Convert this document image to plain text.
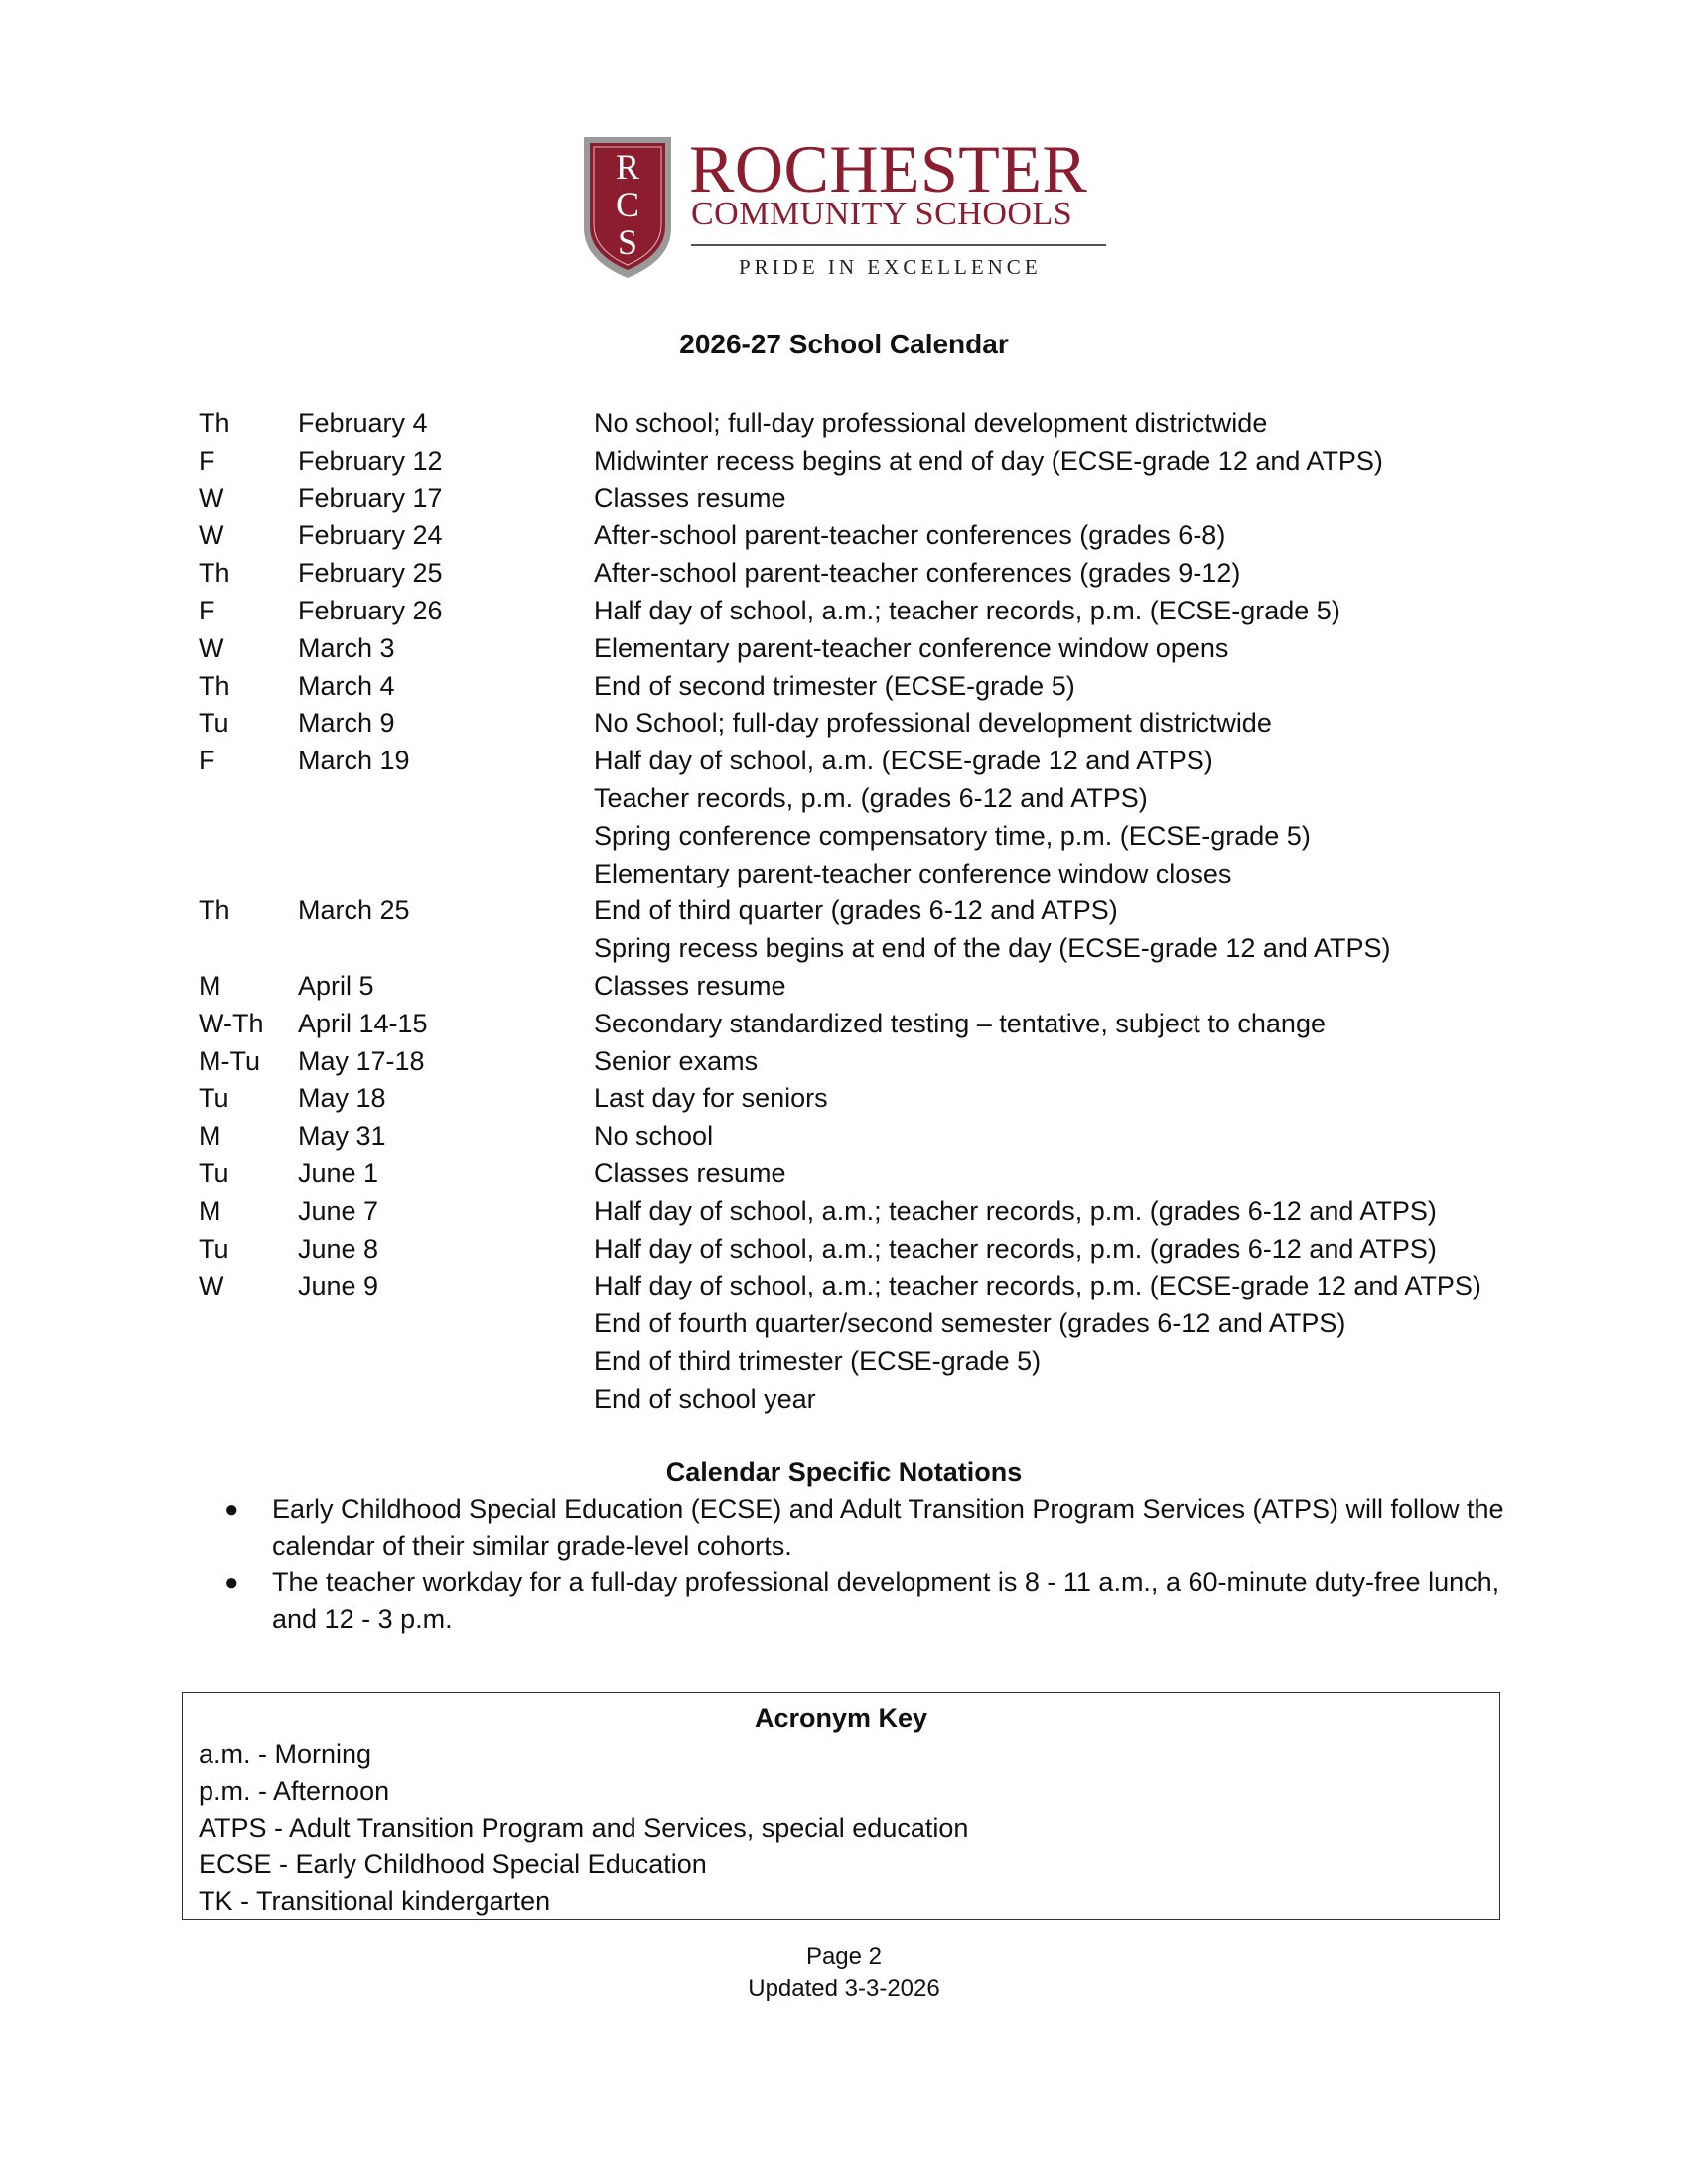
R
C
S
ROCHESTER
COMMUNITY SCHOOLS
PRIDE IN EXCELLENCE
2026-27 School Calendar
Th	February 4	No school; full-day professional development districtwide
F	February 12	Midwinter recess begins at end of day (ECSE-grade 12 and ATPS)
W	February 17	Classes resume
W	February 24	After-school parent-teacher conferences (grades 6-8)
Th	February 25	After-school parent-teacher conferences (grades 9-12)
F	February 26	Half day of school, a.m.; teacher records, p.m. (ECSE-grade 5)
W	March 3	Elementary parent-teacher conference window opens
Th	March 4	End of second trimester (ECSE-grade 5)
Tu	March 9	No School; full-day professional development districtwide
F	March 19	Half day of school, a.m. (ECSE-grade 12 and ATPS)
Teacher records, p.m. (grades 6-12 and ATPS)
Spring conference compensatory time, p.m. (ECSE-grade 5)
Elementary parent-teacher conference window closes
Th	March 25	End of third quarter (grades 6-12 and ATPS)
Spring recess begins at end of the day (ECSE-grade 12 and ATPS)
M	April 5	Classes resume
W-Th April 14-15	Secondary standardized testing – tentative, subject to change
M-Tu May 17-18	Senior exams
Tu	May 18	Last day for seniors
M	May 31	No school
Tu	June 1	Classes resume
M	June 7	Half day of school, a.m.; teacher records, p.m. (grades 6-12 and ATPS)
Tu	June 8	Half day of school, a.m.; teacher records, p.m. (grades 6-12 and ATPS)
W	June 9	Half day of school, a.m.; teacher records, p.m. (ECSE-grade 12 and ATPS)
End of fourth quarter/second semester (grades 6-12 and ATPS)
End of third trimester (ECSE-grade 5)
End of school year
Calendar Specific Notations
● Early Childhood Special Education (ECSE) and Adult Transition Program Services (ATPS) will follow the calendar of their similar grade-level cohorts.
● The teacher workday for a full-day professional development is 8 - 11 a.m., a 60-minute duty-free lunch, and 12 - 3 p.m.
Acronym Key
a.m. - Morning
p.m. - Afternoon
ATPS - Adult Transition Program and Services, special education
ECSE - Early Childhood Special Education
TK - Transitional kindergarten
Page 2
Updated 3-3-2026
